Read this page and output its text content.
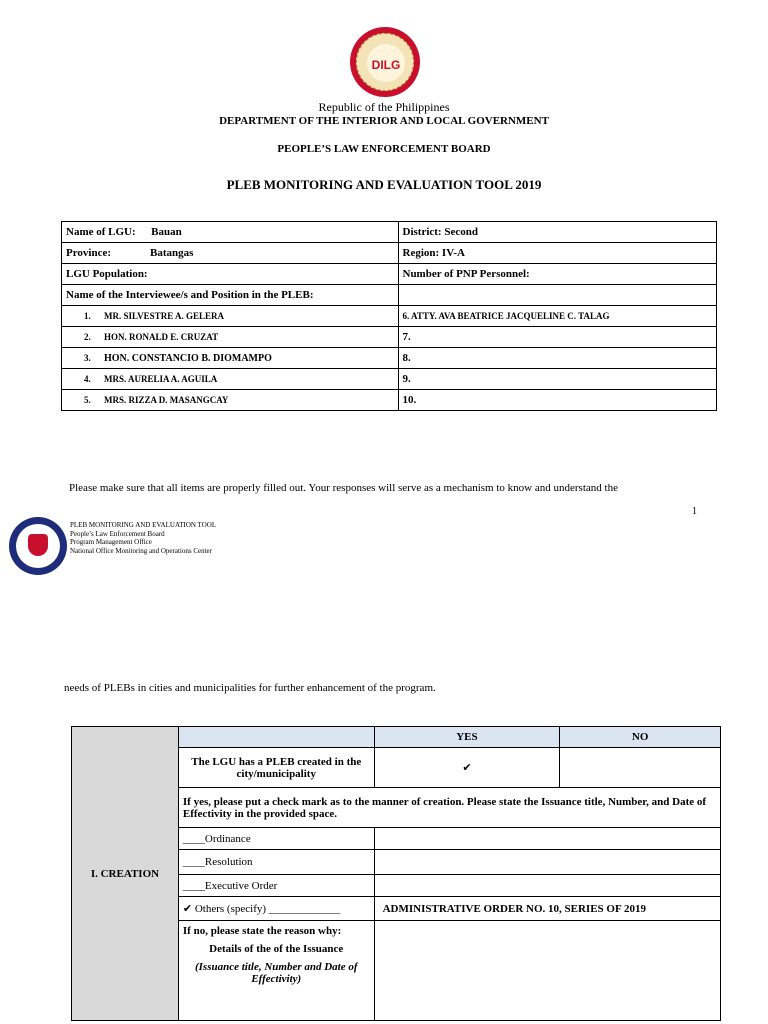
DILG
Republic of the Philippines
DEPARTMENT OF THE INTERIOR AND LOCAL GOVERNMENT
PEOPLE’S LAW ENFORCEMENT BOARD
PLEB MONITORING AND EVALUATION TOOL 2019
Name of LGU: Bauan	District: Second
Province: Batangas	Region: IV-A
LGU Population:	Number of PNP Personnel:
Name of the Interviewee/s and Position in the PLEB:	
1. MR. SILVESTRE A. GELERA	6. ATTY. AVA BEATRICE JACQUELINE C. TALAG
2. HON. RONALD E. CRUZAT	7.
3. HON. CONSTANCIO B. DIOMAMPO	8.
4. MRS. AURELIA A. AGUILA	9.
5. MRS. RIZZA D. MASANGCAY	10.
Please make sure that all items are properly filled out. Your responses will serve as a mechanism to know and understand the
1
PLEB MONITORING AND EVALUATION TOOL
People’s Law Enforcement Board
Program Management Office
National Office Monitoring and Operations Center
needs of PLEBs in cities and municipalities for further enhancement of the program.
I. CREATION		YES	NO
	The LGU has a PLEB created in the city/municipality	✔	
	If yes, please put a check mark as to the manner of creation. Please state the Issuance title, Number, and Date of Effectivity in the provided space.		
	____Ordinance		
	____Resolution		
	____Executive Order		
	✔ Others (specify) _____________	ADMINISTRATIVE ORDER NO. 10, SERIES OF 2019	

	If no, please state the reason why:
Details of the of the Issuance
(Issuance title, Number and Date of Effectivity)		
